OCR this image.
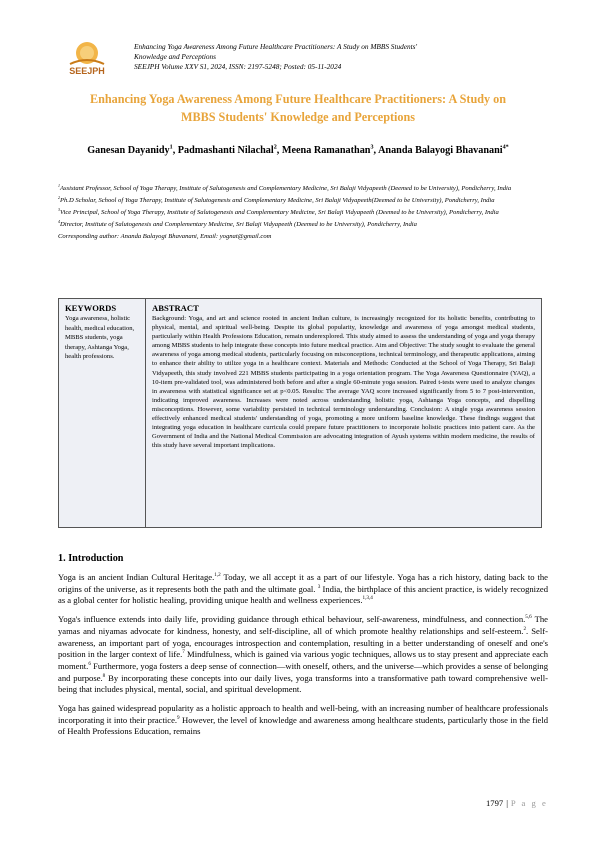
SEEJPH
Enhancing Yoga Awareness Among Future Healthcare Practitioners: A Study on MBBS Students'
Knowledge and Perceptions
SEEJPH Volume XXV S1, 2024, ISSN: 2197-5248; Posted: 05-11-2024
Enhancing Yoga Awareness Among Future Healthcare Practitioners: A Study on
MBBS Students' Knowledge and Perceptions
Ganesan Dayanidy$^1$, Padmashanti Nilachal$^2$, Meena Ramanathan$^3$, Ananda Balayogi Bhavanani$^{4*}$

$^1$Assistant Professor, School of Yoga Therapy, Institute of Salutogenesis and Complementary Medicine, Sri Balaji Vidyapeeth (Deemed to be University), Pondicherry, India

$^2$Ph.D Scholar, School of Yoga Therapy, Institute of Salutogenesis and Complementary Medicine, Sri Balaji Vidyapeeth(Deemed to be University), Pondicherry, India

$^3$Vice Principal, School of Yoga Therapy, Institute of Salutogenesis and Complementary Medicine, Sri Balaji Vidyapeeth (Deemed to be University), Pondicherry, India

$^4$Director, Institute of Salutogenesis and Complementary Medicine, Sri Balaji Vidyapeeth (Deemed to be University), Pondicherry, India

Corresponding author: Ananda Balayogi Bhavanani, Email: yognat@gmail.com

KEYWORDS
Yoga awareness, holistic health, medical education, MBBS students, yoga therapy, Ashtanga Yoga, health professions.
ABSTRACT
Background: Yoga, and art and science rooted in ancient Indian culture, is increasingly recognized for its holistic benefits, contributing to physical, mental, and spiritual well-being. Despite its global popularity, knowledge and awareness of yoga amongst medical students, particularly within Health Professions Education, remain underexplored. This study aimed to assess the understanding of yoga and yoga therapy among MBBS students to help integrate these concepts into future medical practice. Aim and Objective: The study sought to evaluate the general awareness of yoga among medical students, particularly focusing on misconceptions, technical terminology, and therapeutic applications, aiming to enhance their ability to utilize yoga in a healthcare context. Materials and Methods: Conducted at the School of Yoga Therapy, Sri Balaji Vidyapeeth, this study involved 221 MBBS students participating in a yoga orientation program. The Yoga Awareness Questionnaire (YAQ), a 10-item pre-validated tool, was administered both before and after a single 60-minute yoga session. Paired t-tests were used to analyze changes in awareness with statistical significance set at p<0.05. Results: The average YAQ score increased significantly from 5 to 7 post-intervention, indicating improved awareness. Increases were noted across understanding holistic yoga, Ashtanga Yoga concepts, and dispelling misconceptions. However, some variability persisted in technical terminology understanding. Conclusion: A single yoga awareness session effectively enhanced medical students' understanding of yoga, promoting a more uniform baseline knowledge. These findings suggest that integrating yoga education in healthcare curricula could prepare future practitioners to incorporate holistic practices into patient care. As the Government of India and the National Medical Commission are advocating integration of Ayush systems within modern medicine, the results of this study have several important implications.
1. Introduction

Yoga is an ancient Indian Cultural Heritage.$^{1,2}$ Today, we all accept it as a part of our lifestyle. Yoga has a rich history, dating back to the origins of the universe, as it represents both the path and the ultimate goal. $^3$ India, the birthplace of this ancient practice, is widely recognized as a global center for holistic healing, providing unique health and wellness experiences.$^{1,3,4}$

Yoga's influence extends into daily life, providing guidance through ethical behaviour, self-awareness, mindfulness, and connection.$^{5,6}$ The yamas and niyamas advocate for kindness, honesty, and self-discipline, all of which promote healthy relationships and self-esteem.$^2$. Self-awareness, an important part of yoga, encourages introspection and contemplation, resulting in a better understanding of oneself and one's position in the larger context of life.$^7$ Mindfulness, which is gained via various yogic techniques, allows us to stay present and appreciate each moment.$^6$ Furthermore, yoga fosters a deep sense of connection—with oneself, others, and the universe—which provides a sense of belonging and purpose.$^8$ By incorporating these concepts into our daily lives, yoga transforms into a transformative path toward comprehensive well-being that includes physical, mental, social, and spiritual development.

Yoga has gained widespread popularity as a holistic approach to health and well-being, with an increasing number of healthcare professionals incorporating it into their practice.$^9$ However, the level of knowledge and awareness among healthcare students, particularly those in the field of Health Professions Education, remains

1797 | P a g e
